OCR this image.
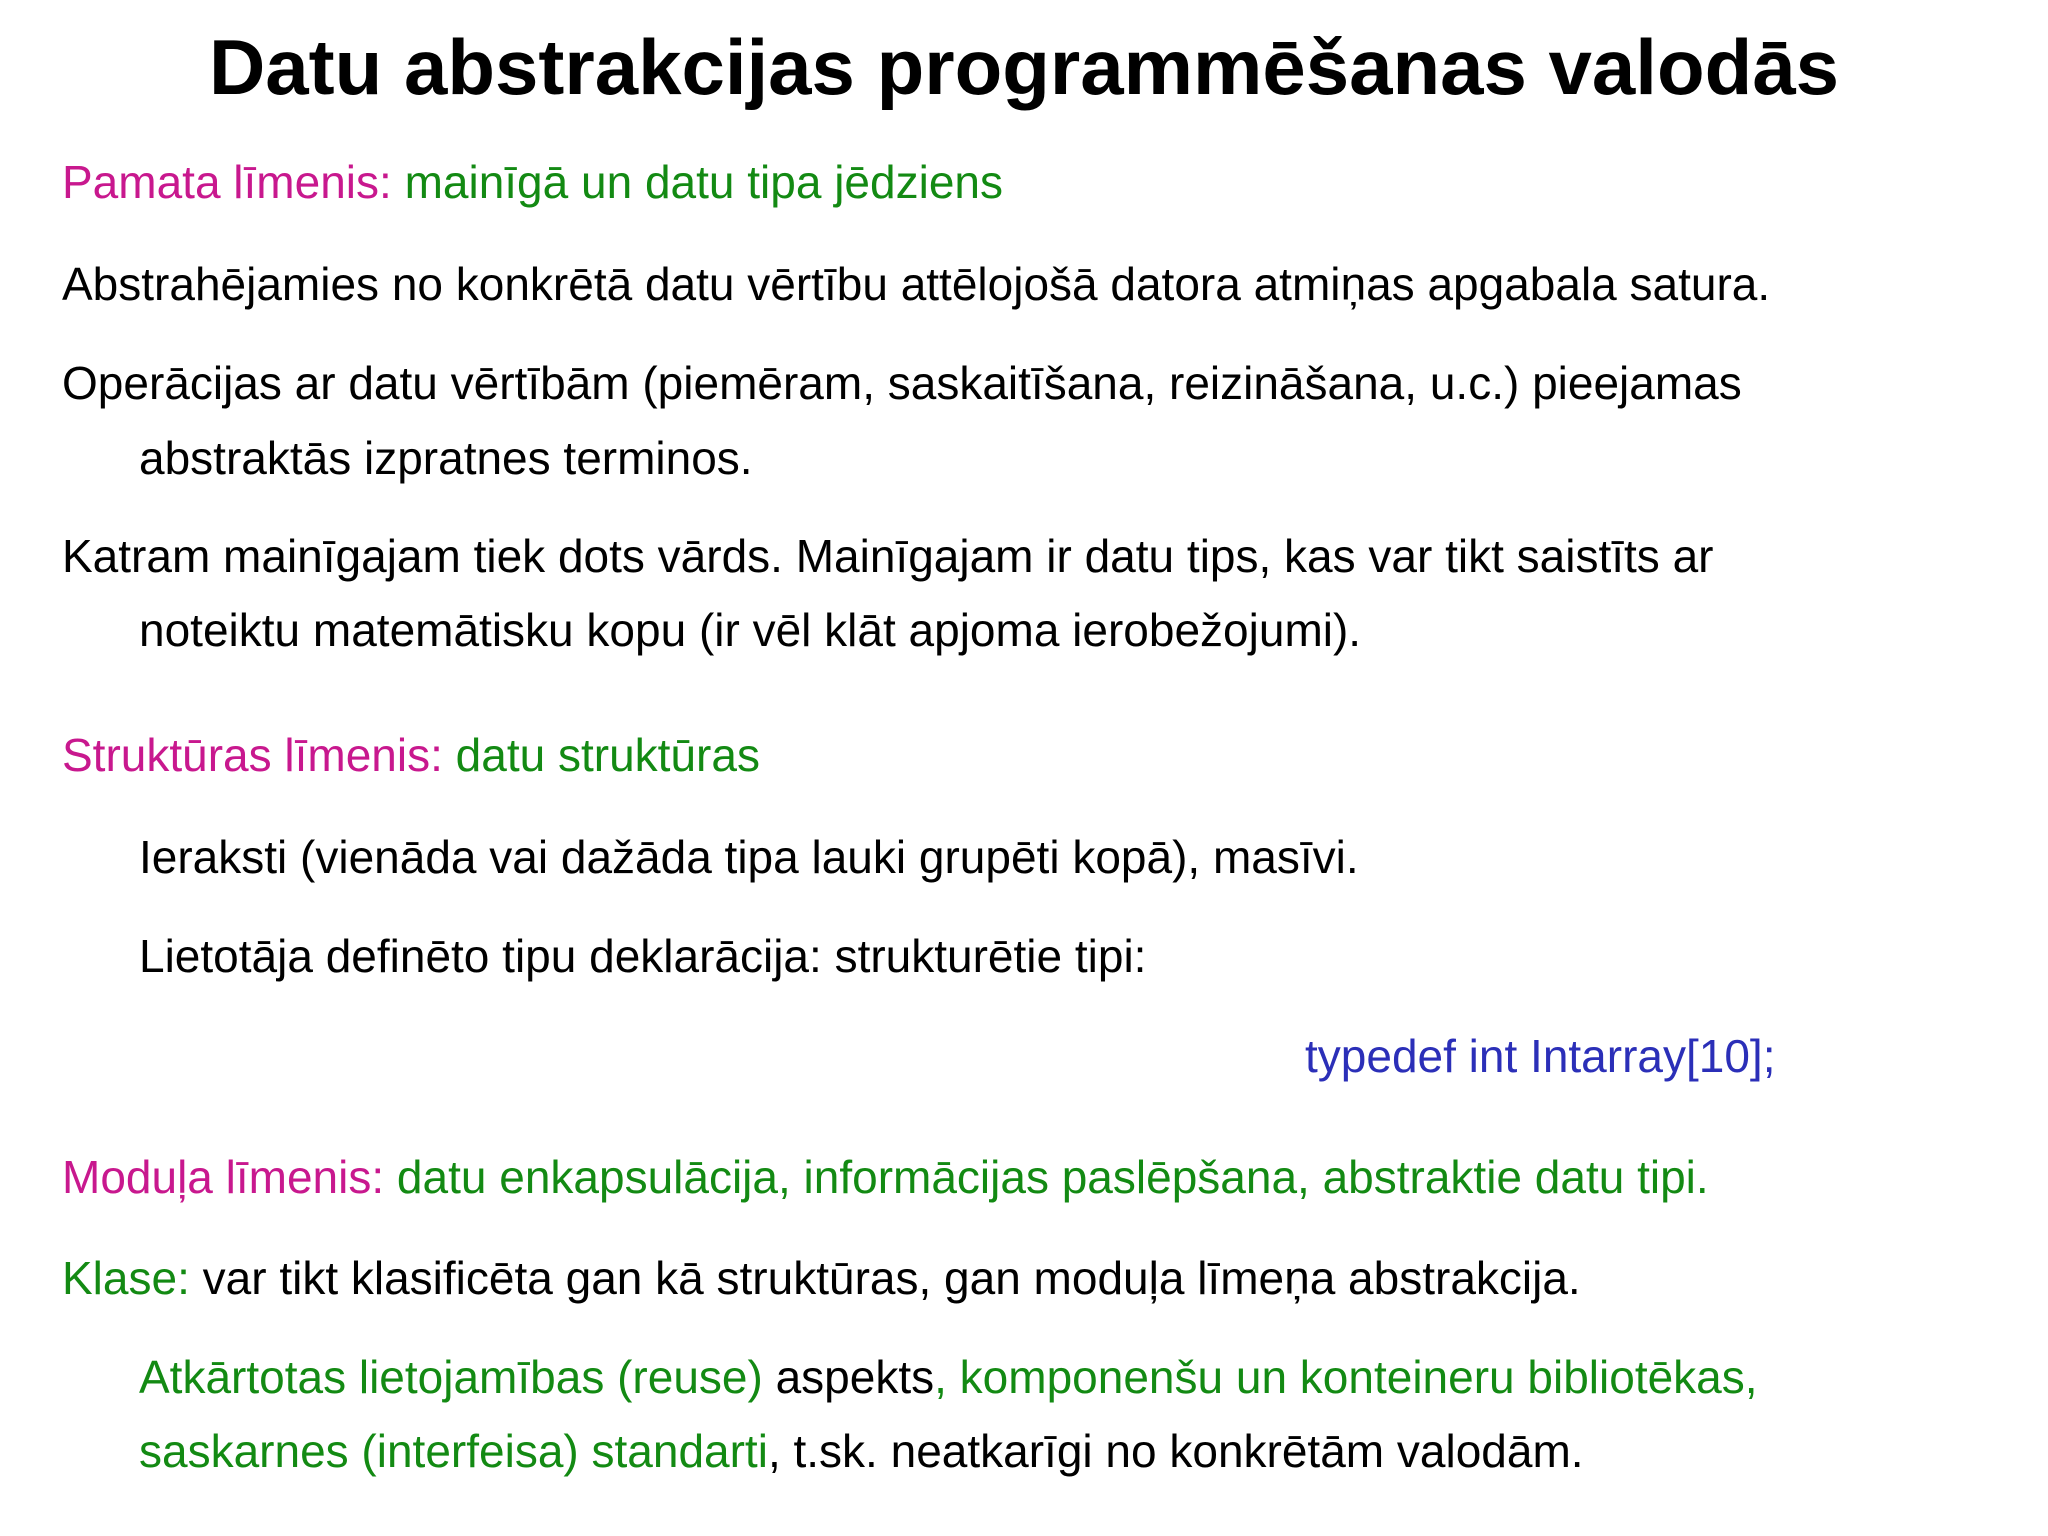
Datu abstrakcijas programmēšanas valodās
Pamata līmenis: mainīgā un datu tipa jēdziens
Abstrahējamies no konkrētā datu vērtību attēlojošā datora atmiņas apgabala satura.
Operācijas ar datu vērtībām (piemēram, saskaitīšana, reizināšana, u.c.) pieejamas
abstraktās izpratnes terminos.
Katram mainīgajam tiek dots vārds. Mainīgajam ir datu tips, kas var tikt saistīts ar
noteiktu matemātisku kopu (ir vēl klāt apjoma ierobežojumi).
Struktūras līmenis: datu struktūras
Ieraksti (vienāda vai dažāda tipa lauki grupēti kopā), masīvi.
Lietotāja definēto tipu deklarācija: strukturētie tipi:
typedef int Intarray[10];
Moduļa līmenis: datu enkapsulācija, informācijas paslēpšana, abstraktie datu tipi.
Klase: var tikt klasificēta gan kā struktūras, gan moduļa līmeņa abstrakcija.
Atkārtotas lietojamības (reuse) aspekts, komponenšu un konteineru bibliotēkas,
saskarnes (interfeisa) standarti, t.sk. neatkarīgi no konkrētām valodām.
